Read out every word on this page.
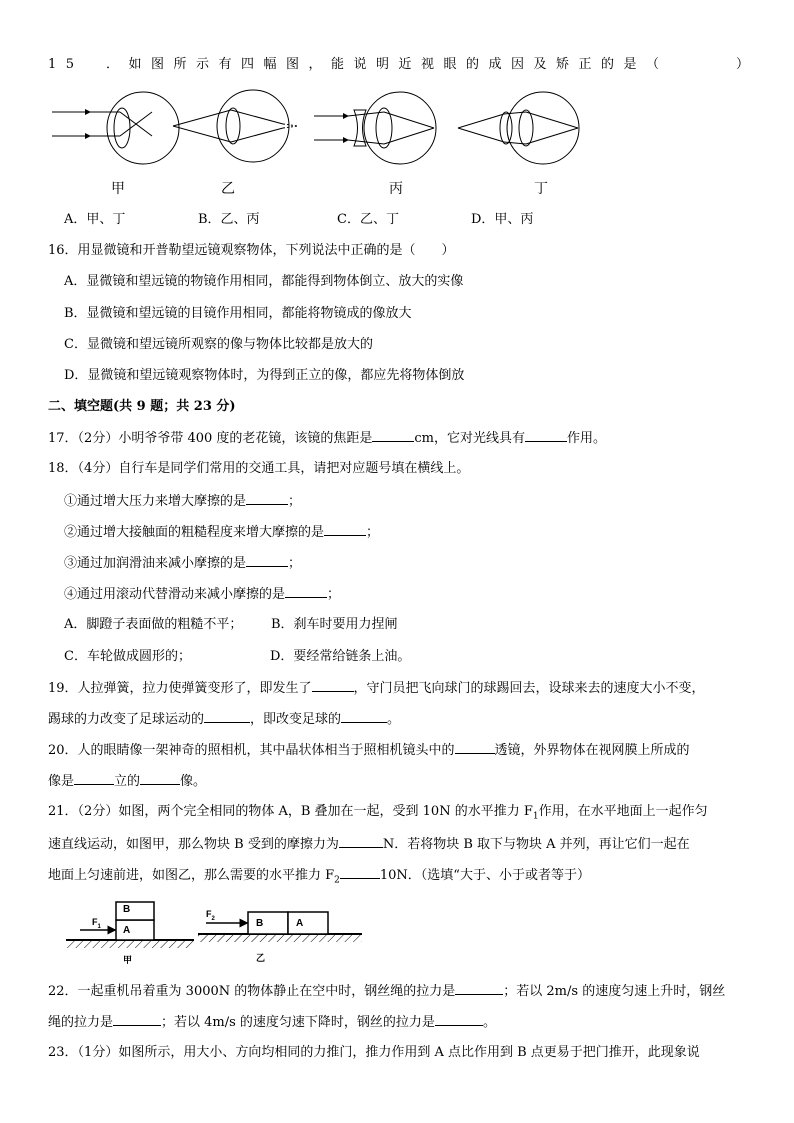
15　．如图所示有四幅图，能说明近视眼的成因及矫正的是（　　　）
甲	乙	丙	丁
A．甲、丁	B．乙、丙	C．乙、丁	D．甲、丙
16．用显微镜和开普勒望远镜观察物体，下列说法中正确的是（　　）
A．显微镜和望远镜的物镜作用相同，都能得到物体倒立、放大的实像
B．显微镜和望远镜的目镜作用相同，都能将物镜成的像放大
C．显微镜和望远镜所观察的像与物体比较都是放大的
D．显微镜和望远镜观察物体时，为得到正立的像，都应先将物体倒放
二、填空题(共 9 题；共 23 分)
17．（2分）小明爷爷带 400 度的老花镜，该镜的焦距是	cm，它对光线具有	作用。
18．（4分）自行车是同学们常用的交通工具，请把对应题号填在横线上。
①通过增大压力来增大摩擦的是	；
②通过增大接触面的粗糙程度来增大摩擦的是	；
③通过加润滑油来减小摩擦的是	；
④通过用滚动代替滑动来减小摩擦的是	；
A．脚蹬子表面做的粗糙不平； B．刹车时要用力捏闸
C．车轮做成圆形的；	D．要经常给链条上油。
19．人拉弹簧，拉力使弹簧变形了，即发生了	，守门员把飞向球门的球踢回去，设球来去的速度大小不变，
踢球的力改变了足球运动的	，即改变足球的	。
20．人的眼睛像一架神奇的照相机，其中晶状体相当于照相机镜头中的	透镜，外界物体在视网膜上所成的
像是	立的	像。
21．（2分）如图，两个完全相同的物体 A，B 叠加在一起，受到 10N 的水平推力 $F_1$作用，在水平地面上一起作匀
速直线运动，如图甲，那么物块 B 受到的摩擦力为	N．若将物块 B 取下与物块 A 并列，再让它们一起在
地面上匀速前进，如图乙，那么需要的水平推力 $F_2$	10N．（选填“大于、小于或者等于）
$F_1$
B
A
$F_2$	B	A
甲	乙
22．一起重机吊着重为 3000N 的物体静止在空中时，钢丝绳的拉力是	；若以 2m/s 的速度匀速上升时，钢丝
绳的拉力是	；若以 4m/s 的速度匀速下降时，钢丝的拉力是	。
23．（1分）如图所示，用大小、方向均相同的力推门，推力作用到 A 点比作用到 B 点更易于把门推开，此现象说
